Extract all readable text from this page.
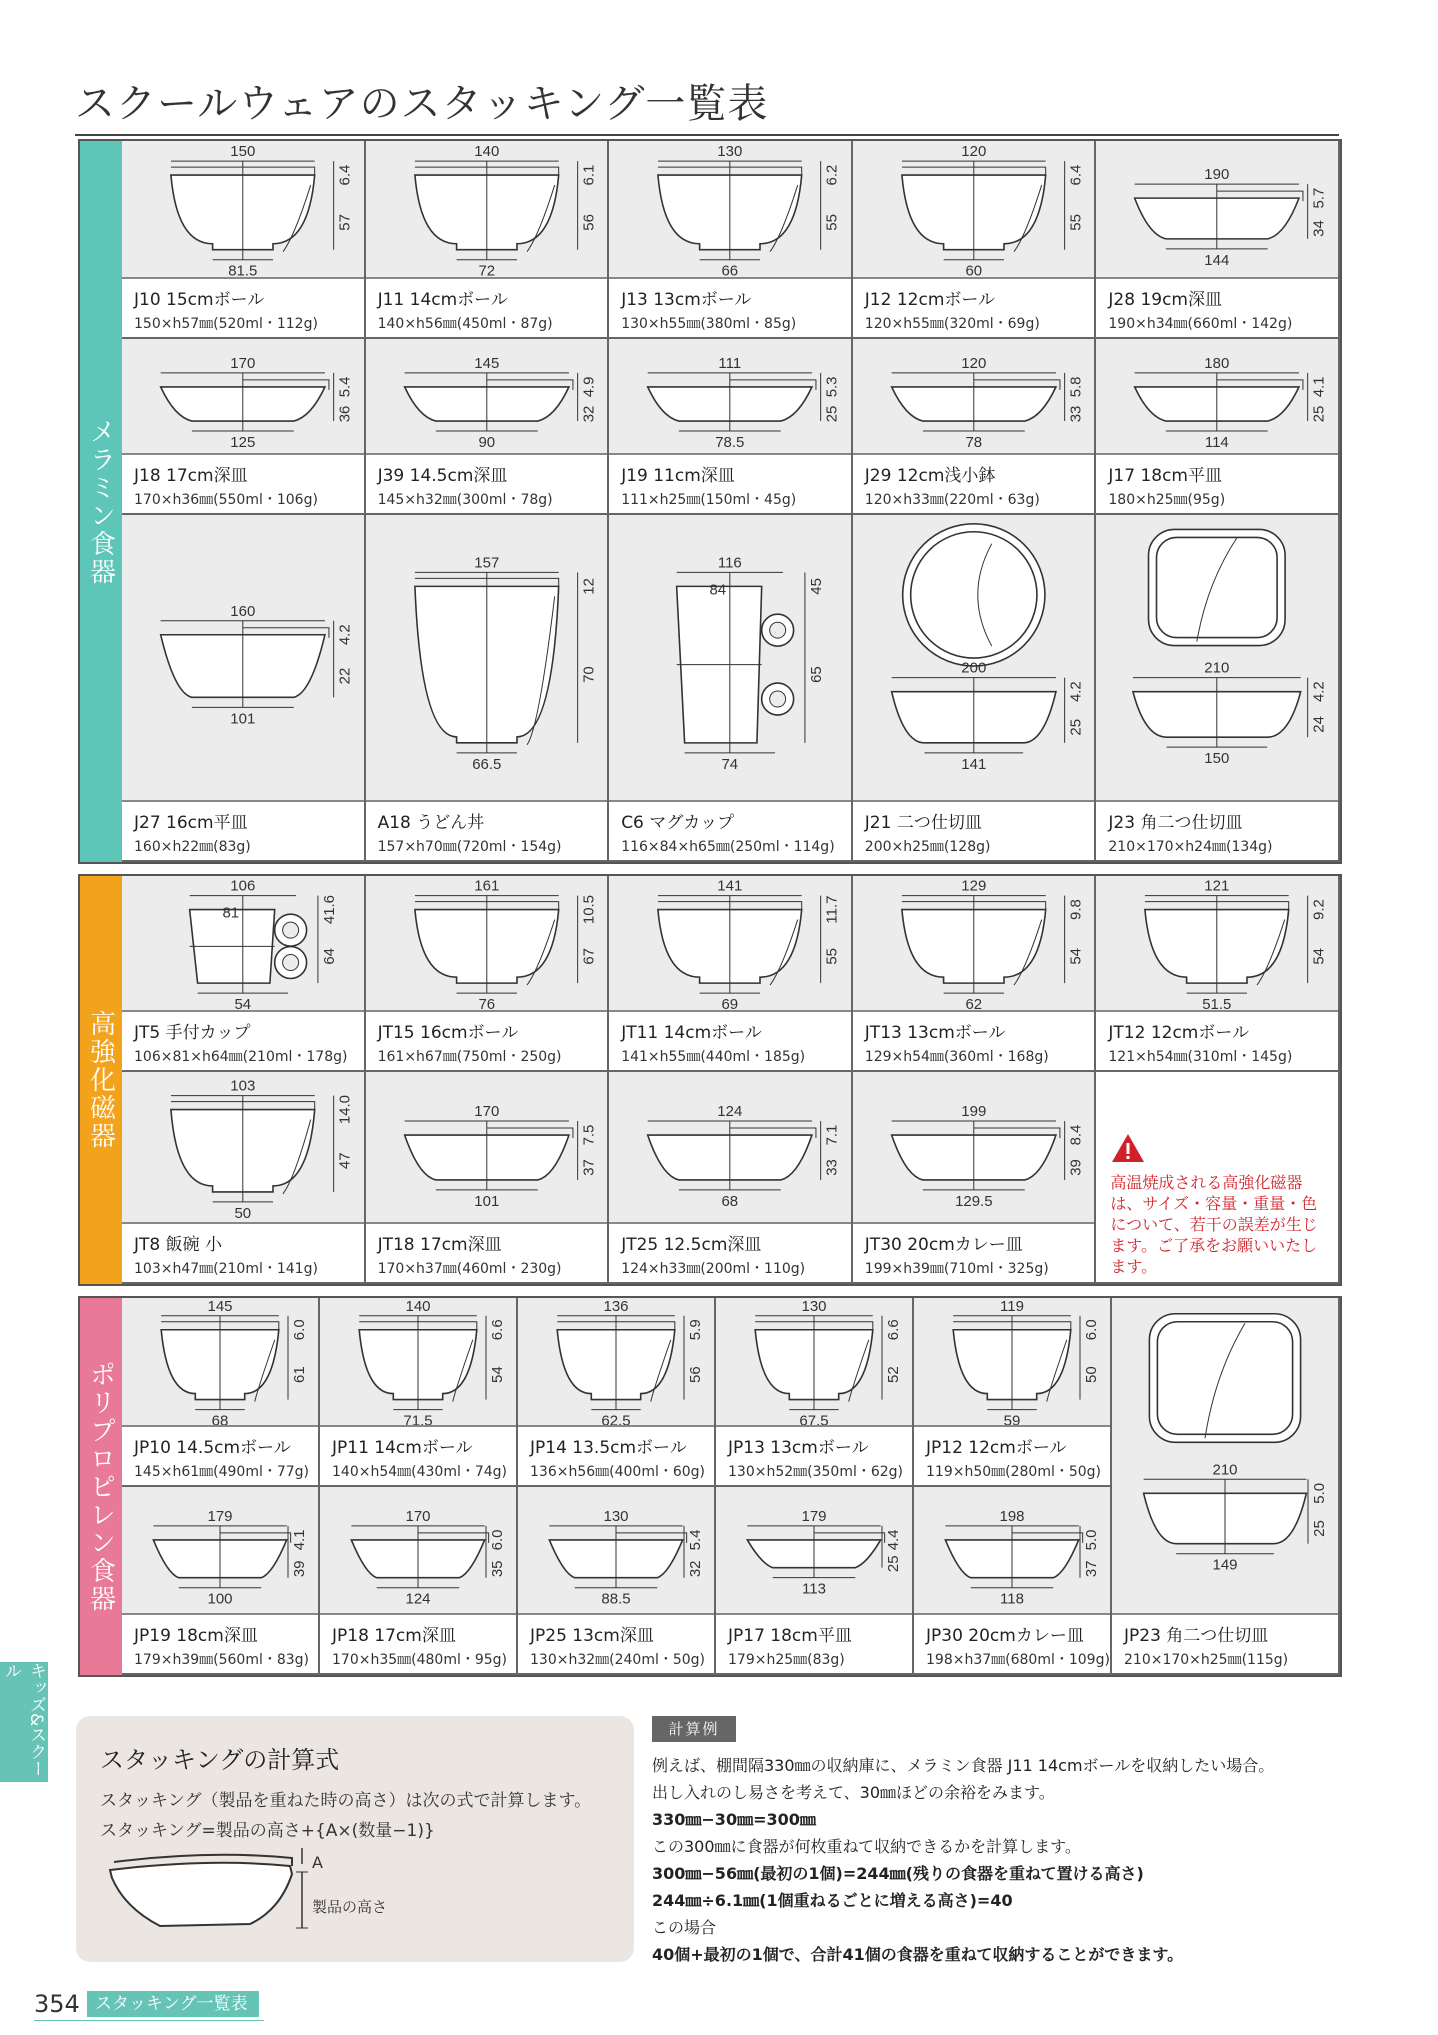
スクールウェアのスタッキング一覧表
メラミン食器
150
81.5
6.4
57
J10 15cmボール
150×h57㎜(520ml・112g)
140
72
6.1
56
J11 14cmボール
140×h56㎜(450ml・87g)
130
66
6.2
55
J13 13cmボール
130×h55㎜(380ml・85g)
120
60
6.4
55
J12 12cmボール
120×h55㎜(320ml・69g)
190
144
5.7
34
J28 19cm深皿
190×h34㎜(660ml・142g)
170
125
5.4
36
J18 17cm深皿
170×h36㎜(550ml・106g)
145
90
4.9
32
J39 14.5cm深皿
145×h32㎜(300ml・78g)
111
78.5
5.3
25
J19 11cm深皿
111×h25㎜(150ml・45g)
120
78
5.8
33
J29 12cm浅小鉢
120×h33㎜(220ml・63g)
180
114
4.1
25
J17 18cm平皿
180×h25㎜(95g)
160
101
4.2
22
J27 16cm平皿
160×h22㎜(83g)
157
66.5
12
70
A18 うどん丼
157×h70㎜(720ml・154g)
116
74
45
65
84
C6 マグカップ
116×84×h65㎜(250ml・114g)
200
141
4.2
25
J21 二つ仕切皿
200×h25㎜(128g)
210
150
4.2
24
J23 角二つ仕切皿
210×170×h24㎜(134g)
高強化磁器
161
76
10.5
67
JT15 16cmボール
161×h67㎜(750ml・250g)
141
69
11.7
55
JT11 14cmボール
141×h55㎜(440ml・185g)
129
62
9.8
54
JT13 13cmボール
129×h54㎜(360ml・168g)
121
51.5
9.2
54
JT12 12cmボール
121×h54㎜(310ml・145g)
106
54
41.6
64
81
JT5 手付カップ
106×81×h64㎜(210ml・178g)
103
50
14.0
47
JT8 飯碗 小
103×h47㎜(210ml・141g)
170
101
7.5
37
JT18 17cm深皿
170×h37㎜(460ml・230g)
124
68
7.1
33
JT25 12.5cm深皿
124×h33㎜(200ml・110g)
199
129.5
8.4
39
JT30 20cmカレー皿
199×h39㎜(710ml・325g)
高温焼成される高強化磁器は、サイズ・容量・重量・色について、若干の誤差が生じます。ご了承をお願いいたします。
ポリプロピレン食器
145
68
6.0
61
JP10 14.5cmボール
145×h61㎜(490ml・77g)
140
71.5
6.6
54
JP11 14cmボール
140×h54㎜(430ml・74g)
136
62.5
5.9
56
JP14 13.5cmボール
136×h56㎜(400ml・60g)
130
67.5
6.6
52
JP13 13cmボール
130×h52㎜(350ml・62g)
119
59
6.0
50
JP12 12cmボール
119×h50㎜(280ml・50g)	210
149
5.0
25
JP23 角二つ仕切皿
210×170×h25㎜(115g)
179
100
4.1
39
JP19 18cm深皿
179×h39㎜(560ml・83g)
170
124
6.0
35
JP18 17cm深皿
170×h35㎜(480ml・95g)
130
88.5
5.4
32
JP25 13cm深皿
130×h32㎜(240ml・50g)
179
113
4.4
25
JP17 18cm平皿
179×h25㎜(83g)
198
118
5.0
37
JP30 20cmカレー皿
198×h37㎜(680ml・109g)
スタッキングの計算式
スタッキング（製品を重ねた時の高さ）は次の式で計算します。
スタッキング=製品の高さ+{A×(数量−1)}
A
製品の高さ
計算例
例えば、棚間隔330㎜の収納庫に、メラミン食器 J11 14cmボールを収納したい場合。
出し入れのし易さを考えて、30㎜ほどの余裕をみます。
330㎜−30㎜=300㎜
この300㎜に食器が何枚重ねて収納できるかを計算します。
300㎜−56㎜(最初の1個)=244㎜(残りの食器を重ねて置ける高さ)
244㎜÷6.1㎜(1個重ねるごとに増える高さ)=40
この場合
40個+最初の1個で、合計41個の食器を重ねて収納することができます。
キッズ&スクール
354 スタッキング一覧表
